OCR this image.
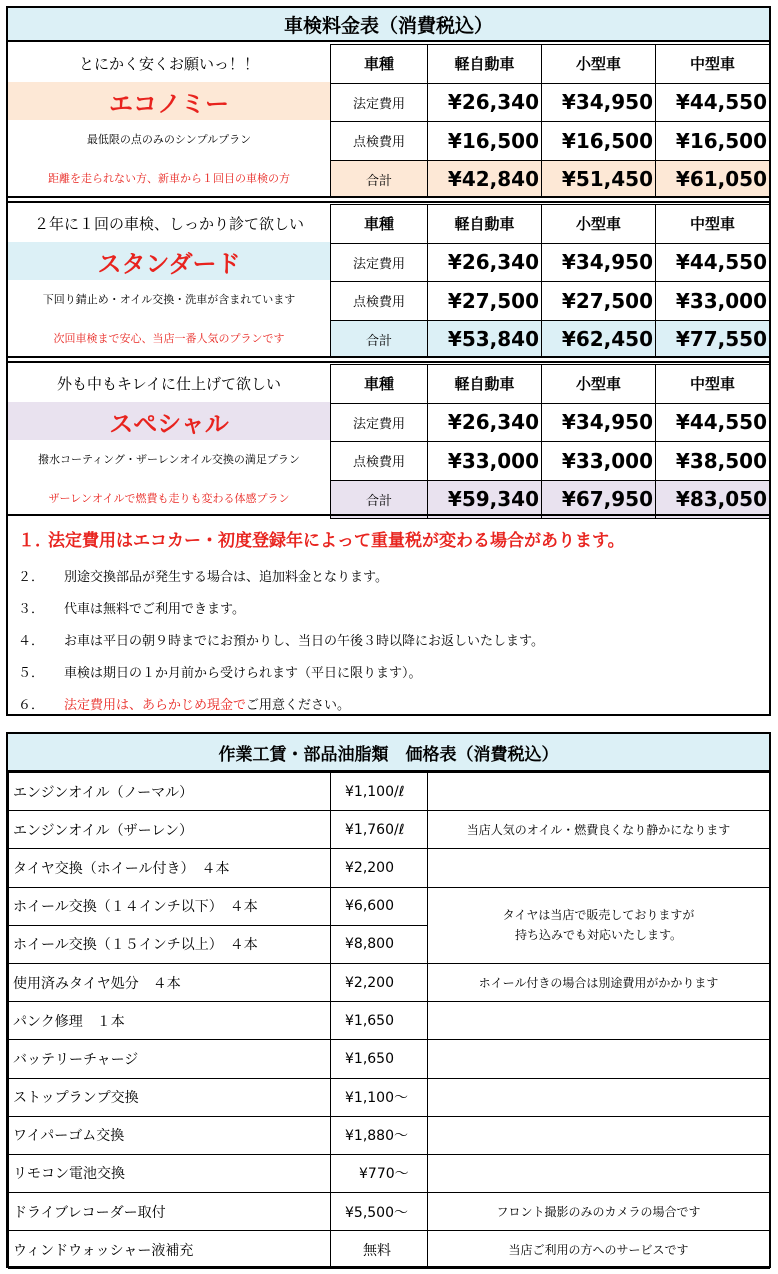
車検料金表（消費税込）
とにかく安くお願いっ！！
エコノミー
最低限の点のみのシンプルプラン
距離を走られない方、新車から１回目の車検の方
車種	軽自動車	小型車	中型車
法定費用	¥26,340	¥34,950	¥44,550
点検費用	¥16,500	¥16,500	¥16,500
合計	¥42,840	¥51,450	¥61,050
２年に１回の車検、しっかり診て欲しい
スタンダード
下回り錆止め・オイル交換・洗車が含まれています
次回車検まで安心、当店一番人気のプランです
車種	軽自動車	小型車	中型車
法定費用	¥26,340	¥34,950	¥44,550
点検費用	¥27,500	¥27,500	¥33,000
合計	¥53,840	¥62,450	¥77,550
外も中もキレイに仕上げて欲しい
スペシャル
撥水コーティング・ザーレンオイル交換の満足プラン
ザーレンオイルで燃費も走りも変わる体感プラン
車種	軽自動車	小型車	中型車
法定費用	¥26,340	¥34,950	¥44,550
点検費用	¥33,000	¥33,000	¥38,500
合計	¥59,340	¥67,950	¥83,050
１．法定費用はエコカー・初度登録年によって重量税が変わる場合があります。
２． 別途交換部品が発生する場合は、追加料金となります。
３． 代車は無料でご利用できます。
４． お車は平日の朝９時までにお預かりし、当日の午後３時以降にお返しいたします。
５． 車検は期日の１か月前から受けられます（平日に限ります）。
６． 法定費用は、あらかじめ現金でご用意ください。
作業工賃・部品油脂類　価格表（消費税込）
エンジンオイル（ノーマル）	¥1,100/ℓ	
エンジンオイル（ザーレン）	¥1,760/ℓ	当店人気のオイル・燃費良くなり静かになります
タイヤ交換（ホイール付き）　４本	¥2,200	
ホイール交換（１４インチ以下）　４本	¥6,600	タイヤは当店で販売しておりますが
持ち込みでも対応いたします。
ホイール交換（１５インチ以上）　４本	¥8,800	
使用済みタイヤ処分　４本	¥2,200	ホイール付きの場合は別途費用がかかります
パンク修理　１本	¥1,650	
バッテリーチャージ	¥1,650	
ストップランプ交換	¥1,100～	
ワイパーゴム交換	¥1,880～	
リモコン電池交換	¥770～	
ドライブレコーダー取付	¥5,500～	フロント撮影のみのカメラの場合です
ウィンドウォッシャー液補充	無料	当店ご利用の方へのサービスです
